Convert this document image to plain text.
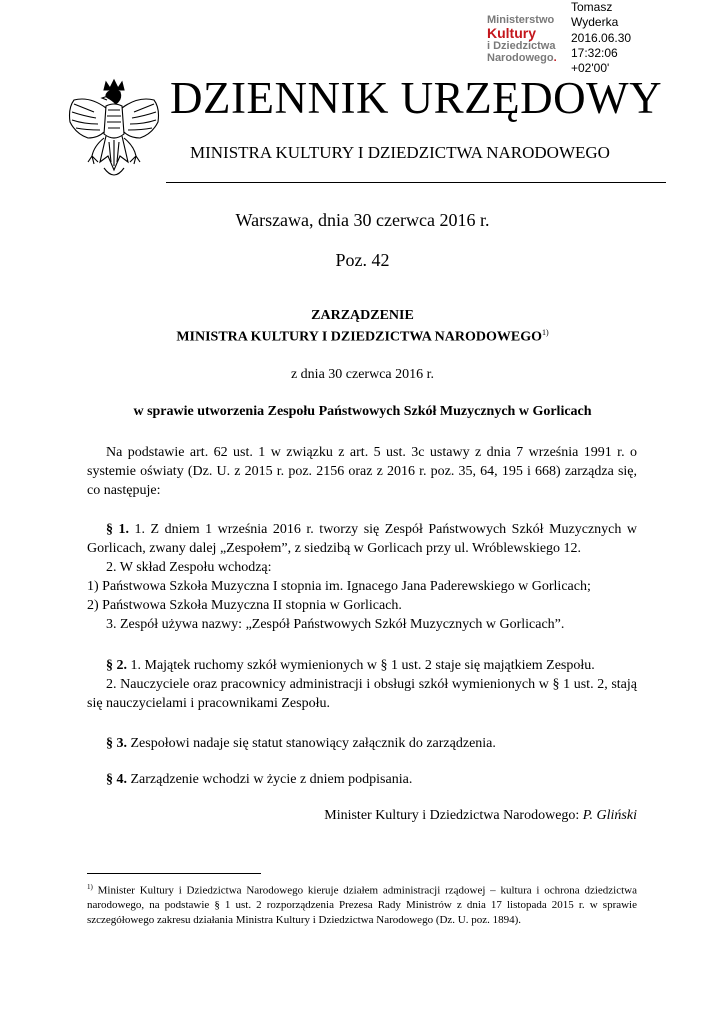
Ministerstwo
Kultury
i Dziedzictwa
Narodowego.
Tomasz
Wyderka
2016.06.30
17:32:06
+02'00'
DZIENNIK URZĘDOWY
MINISTRA KULTURY I DZIEDZICTWA NARODOWEGO
Warszawa, dnia 30 czerwca 2016 r.
Poz. 42
ZARZĄDZENIE
MINISTRA KULTURY I DZIEDZICTWA NARODOWEGO$^{1)}$
z dnia 30 czerwca 2016 r.
w sprawie utworzenia Zespołu Państwowych Szkół Muzycznych w Gorlicach
Na podstawie art. 62 ust. 1 w związku z art. 5 ust. 3c ustawy z dnia 7 września 1991 r. o systemie oświaty (Dz. U. z 2015 r. poz. 2156 oraz z 2016 r. poz. 35, 64, 195 i 668) zarządza się, co następuje:
§ 1. 1. Z dniem 1 września 2016 r. tworzy się Zespół Państwowych Szkół Muzycznych w Gorlicach, zwany dalej „Zespołem”, z siedzibą w Gorlicach przy ul. Wróblewskiego 12.
2. W skład Zespołu wchodzą:
1) Państwowa Szkoła Muzyczna I stopnia im. Ignacego Jana Paderewskiego w Gorlicach;
2) Państwowa Szkoła Muzyczna II stopnia w Gorlicach.
3. Zespół używa nazwy: „Zespół Państwowych Szkół Muzycznych w Gorlicach”.
§ 2. 1. Majątek ruchomy szkół wymienionych w § 1 ust. 2 staje się majątkiem Zespołu.
2. Nauczyciele oraz pracownicy administracji i obsługi szkół wymienionych w § 1 ust. 2, stają się nauczycielami i pracownikami Zespołu.
§ 3. Zespołowi nadaje się statut stanowiący załącznik do zarządzenia.
§ 4. Zarządzenie wchodzi w życie z dniem podpisania.
Minister Kultury i Dziedzictwa Narodowego: P. Gliński
$^{1)}$ Minister Kultury i Dziedzictwa Narodowego kieruje działem administracji rządowej – kultura i ochrona dziedzictwa narodowego, na podstawie § 1 ust. 2 rozporządzenia Prezesa Rady Ministrów z dnia 17 listopada 2015 r. w sprawie szczegółowego zakresu działania Ministra Kultury i Dziedzictwa Narodowego (Dz. U. poz. 1894).
